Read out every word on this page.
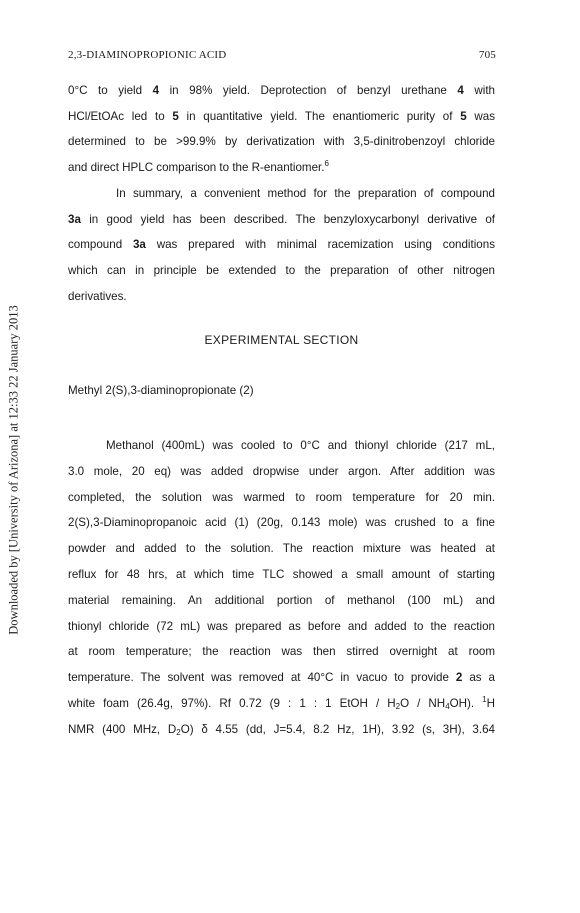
Downloaded by [University of Arizona] at 12:33 22 January 2013
2,3-DIAMINOPROPIONIC ACID	705

0°C to yield 4 in 98% yield. Deprotection of benzyl urethane 4 with
HCl/EtOAc led to 5 in quantitative yield. The enantiomeric purity of 5 was
determined to be >99.9% by derivatization with 3,5-dinitrobenzoyl chloride
and direct HPLC comparison to the R-enantiomer.$^6$

In summary, a convenient method for the preparation of compound
3a in good yield has been described. The benzyloxycarbonyl derivative of
compound 3a was prepared with minimal racemization using conditions
which can in principle be extended to the preparation of other nitrogen
derivatives.

EXPERIMENTAL SECTION
Methyl 2(S),3-diaminopropionate (2)

Methanol (400mL) was cooled to 0°C and thionyl chloride (217 mL,
3.0 mole, 20 eq) was added dropwise under argon. After addition was
completed, the solution was warmed to room temperature for 20 min.
2(S),3-Diaminopropanoic acid (1) (20g, 0.143 mole) was crushed to a fine
powder and added to the solution. The reaction mixture was heated at
reflux for 48 hrs, at which time TLC showed a small amount of starting
material remaining. An additional portion of methanol (100 mL) and
thionyl chloride (72 mL) was prepared as before and added to the reaction
at room temperature; the reaction was then stirred overnight at room
temperature. The solvent was removed at 40°C in vacuo to provide 2 as a
white foam (26.4g, 97%). Rf 0.72 (9 : 1 : 1 EtOH / $H_2O / NH_4OH$). $^1$H
NMR (400 MHz, $D_2O$) δ 4.55 (dd, J=5.4, 8.2 Hz, 1H), 3.92 (s, 3H), 3.64
